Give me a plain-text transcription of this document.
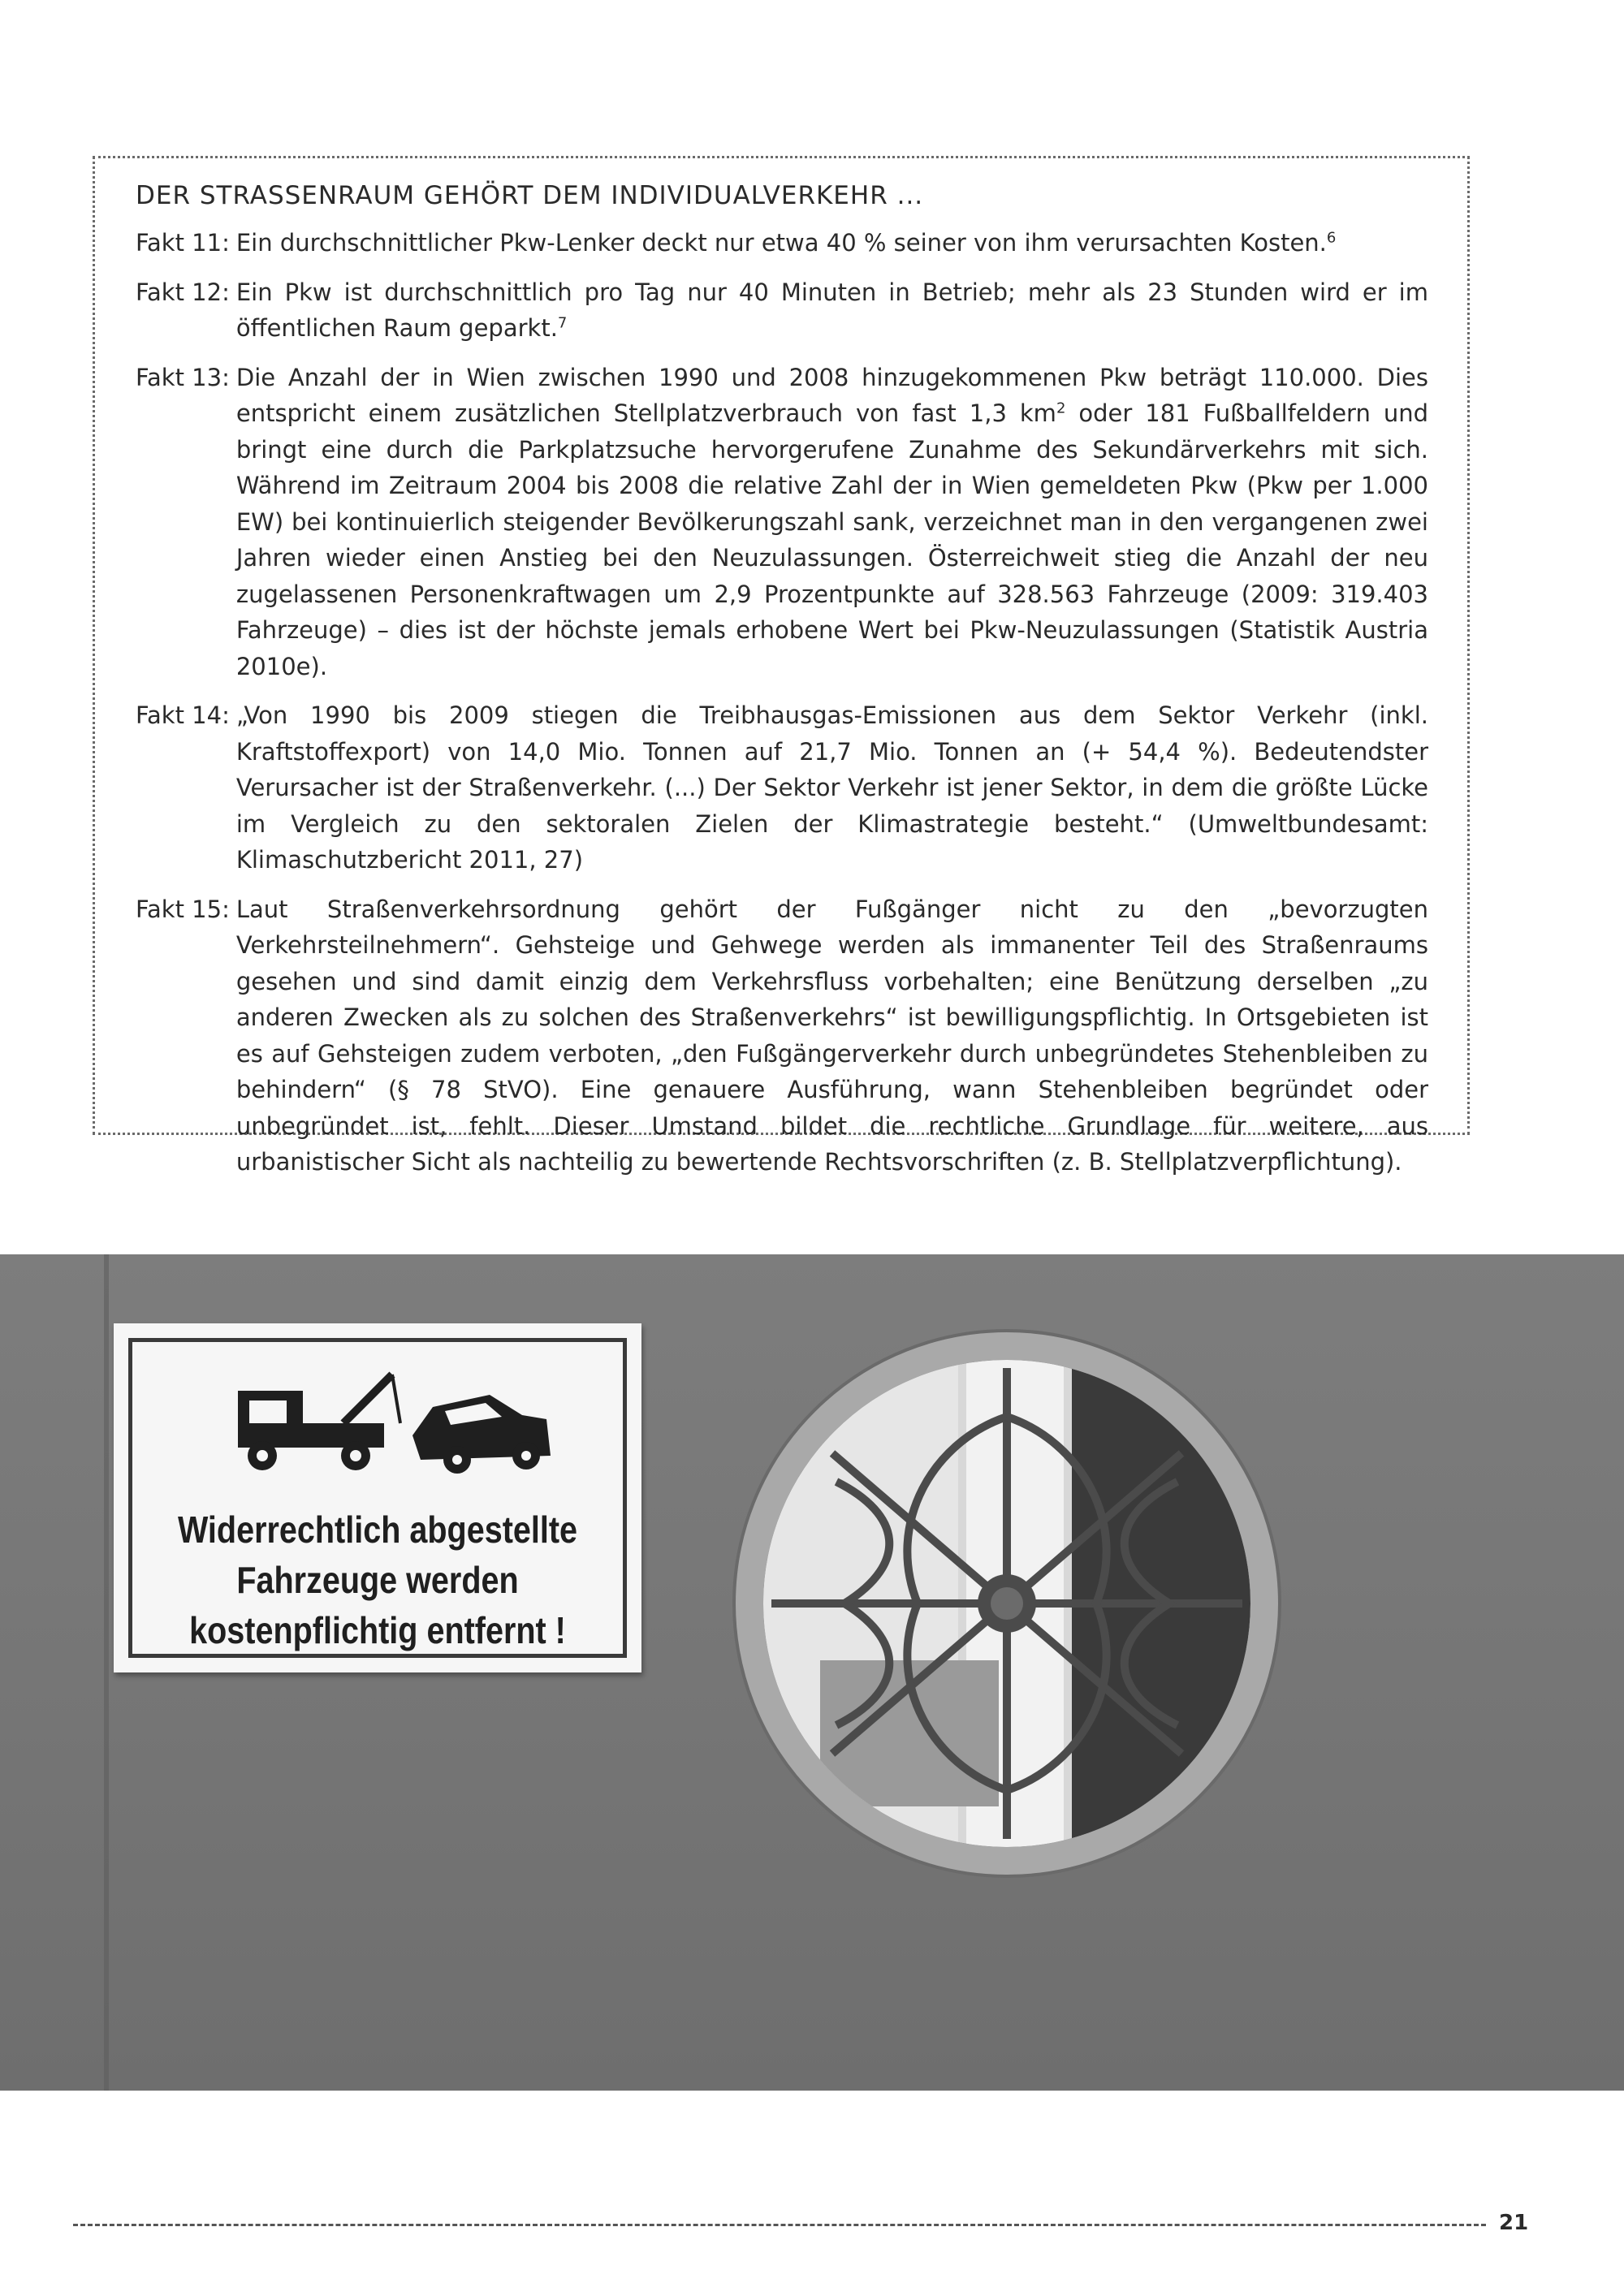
DER STRASSENRAUM GEHÖRT DEM INDIVIDUALVERKEHR ...
Fakt 11: Ein durchschnittlicher Pkw-Lenker deckt nur etwa 40 % seiner von ihm verursachten Kosten.$^6$
Fakt 12: Ein Pkw ist durchschnittlich pro Tag nur 40 Minuten in Betrieb; mehr als 23 Stunden wird er im öffentlichen Raum geparkt.$^7$
Fakt 13: Die Anzahl der in Wien zwischen 1990 und 2008 hinzugekommenen Pkw beträgt 110.000. Dies entspricht einem zusätzlichen Stellplatzverbrauch von fast 1,3 $km^2$ oder 181 Fußballfeldern und bringt eine durch die Parkplatzsuche hervorgerufene Zunahme des Sekundärverkehrs mit sich. Während im Zeitraum 2004 bis 2008 die relative Zahl der in Wien gemeldeten Pkw (Pkw per 1.000 EW) bei kontinuierlich steigender Bevölkerungszahl sank, verzeichnet man in den vergangenen zwei Jahren wieder einen Anstieg bei den Neuzulassungen. Österreichweit stieg die Anzahl der neu zugelassenen Personenkraftwagen um 2,9 Prozentpunkte auf 328.563 Fahrzeuge (2009: 319.403 Fahrzeuge) – dies ist der höchste jemals erhobene Wert bei Pkw-Neuzulassungen (Statistik Austria 2010e).
Fakt 14: „Von 1990 bis 2009 stiegen die Treibhausgas-Emissionen aus dem Sektor Verkehr (inkl. Kraftstoffexport) von 14,0 Mio. Tonnen auf 21,7 Mio. Tonnen an (+ 54,4 %). Bedeutendster Verursacher ist der Straßenverkehr. (...) Der Sektor Verkehr ist jener Sektor, in dem die größte Lücke im Vergleich zu den sektoralen Zielen der Klimastrategie besteht.“ (Umweltbundesamt: Klimaschutzbericht 2011, 27)
Fakt 15: Laut Straßenverkehrsordnung gehört der Fußgänger nicht zu den „bevorzugten Verkehrsteilnehmern“. Gehsteige und Gehwege werden als immanenter Teil des Straßenraums gesehen und sind damit einzig dem Verkehrsfluss vorbehalten; eine Benützung derselben „zu anderen Zwecken als zu solchen des Straßenverkehrs“ ist bewilligungspflichtig. In Ortsgebieten ist es auf Gehsteigen zudem verboten, „den Fußgängerverkehr durch unbegründetes Stehenbleiben zu behindern“ (§ 78 StVO). Eine genauere Ausführung, wann Stehenbleiben begründet oder unbegründet ist, fehlt. Dieser Umstand bildet die rechtliche Grundlage für weitere, aus urbanistischer Sicht als nachteilig zu bewertende Rechtsvorschriften (z. B. Stellplatzverpflichtung).
Widerrechtlich abgestellte
Fahrzeuge werden
kostenpflichtig entfernt !
21
